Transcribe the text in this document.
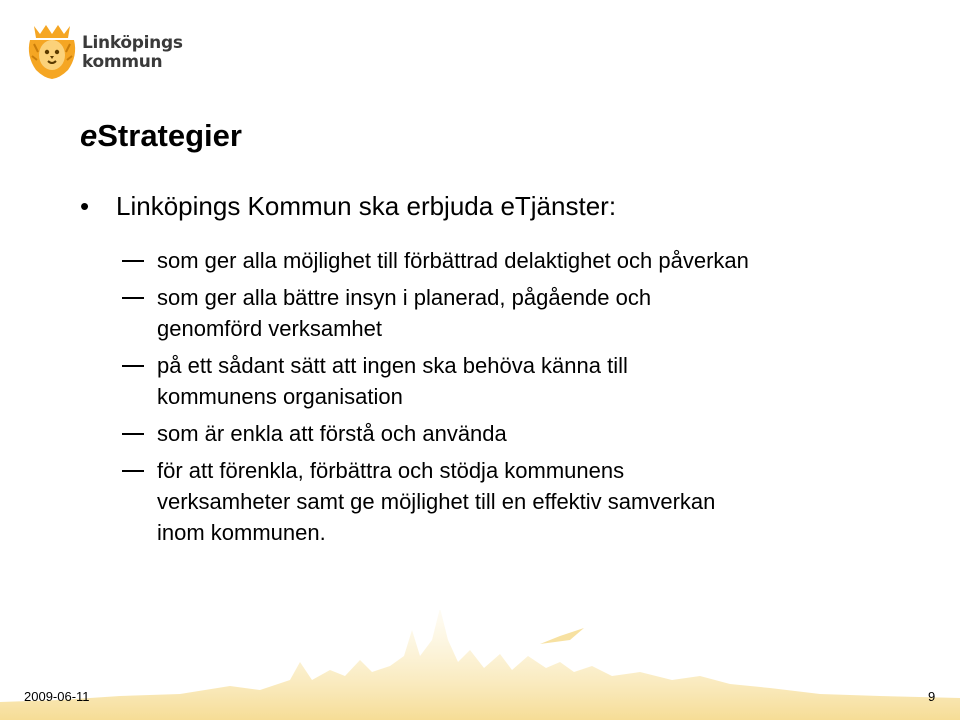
Linköpings
kommun
eStrategier
•	Linköpings Kommun ska erbjuda eTjänster:
som ger alla möjlighet till förbättrad delaktighet och påverkan
som ger alla bättre insyn i planerad, pågående och
genomförd verksamhet
på ett sådant sätt att ingen ska behöva känna till
kommunens organisation
som är enkla att förstå och använda
för att förenkla, förbättra och stödja kommunens
verksamheter samt ge möjlighet till en effektiv samverkan
inom kommunen.
2009-06-11	9
